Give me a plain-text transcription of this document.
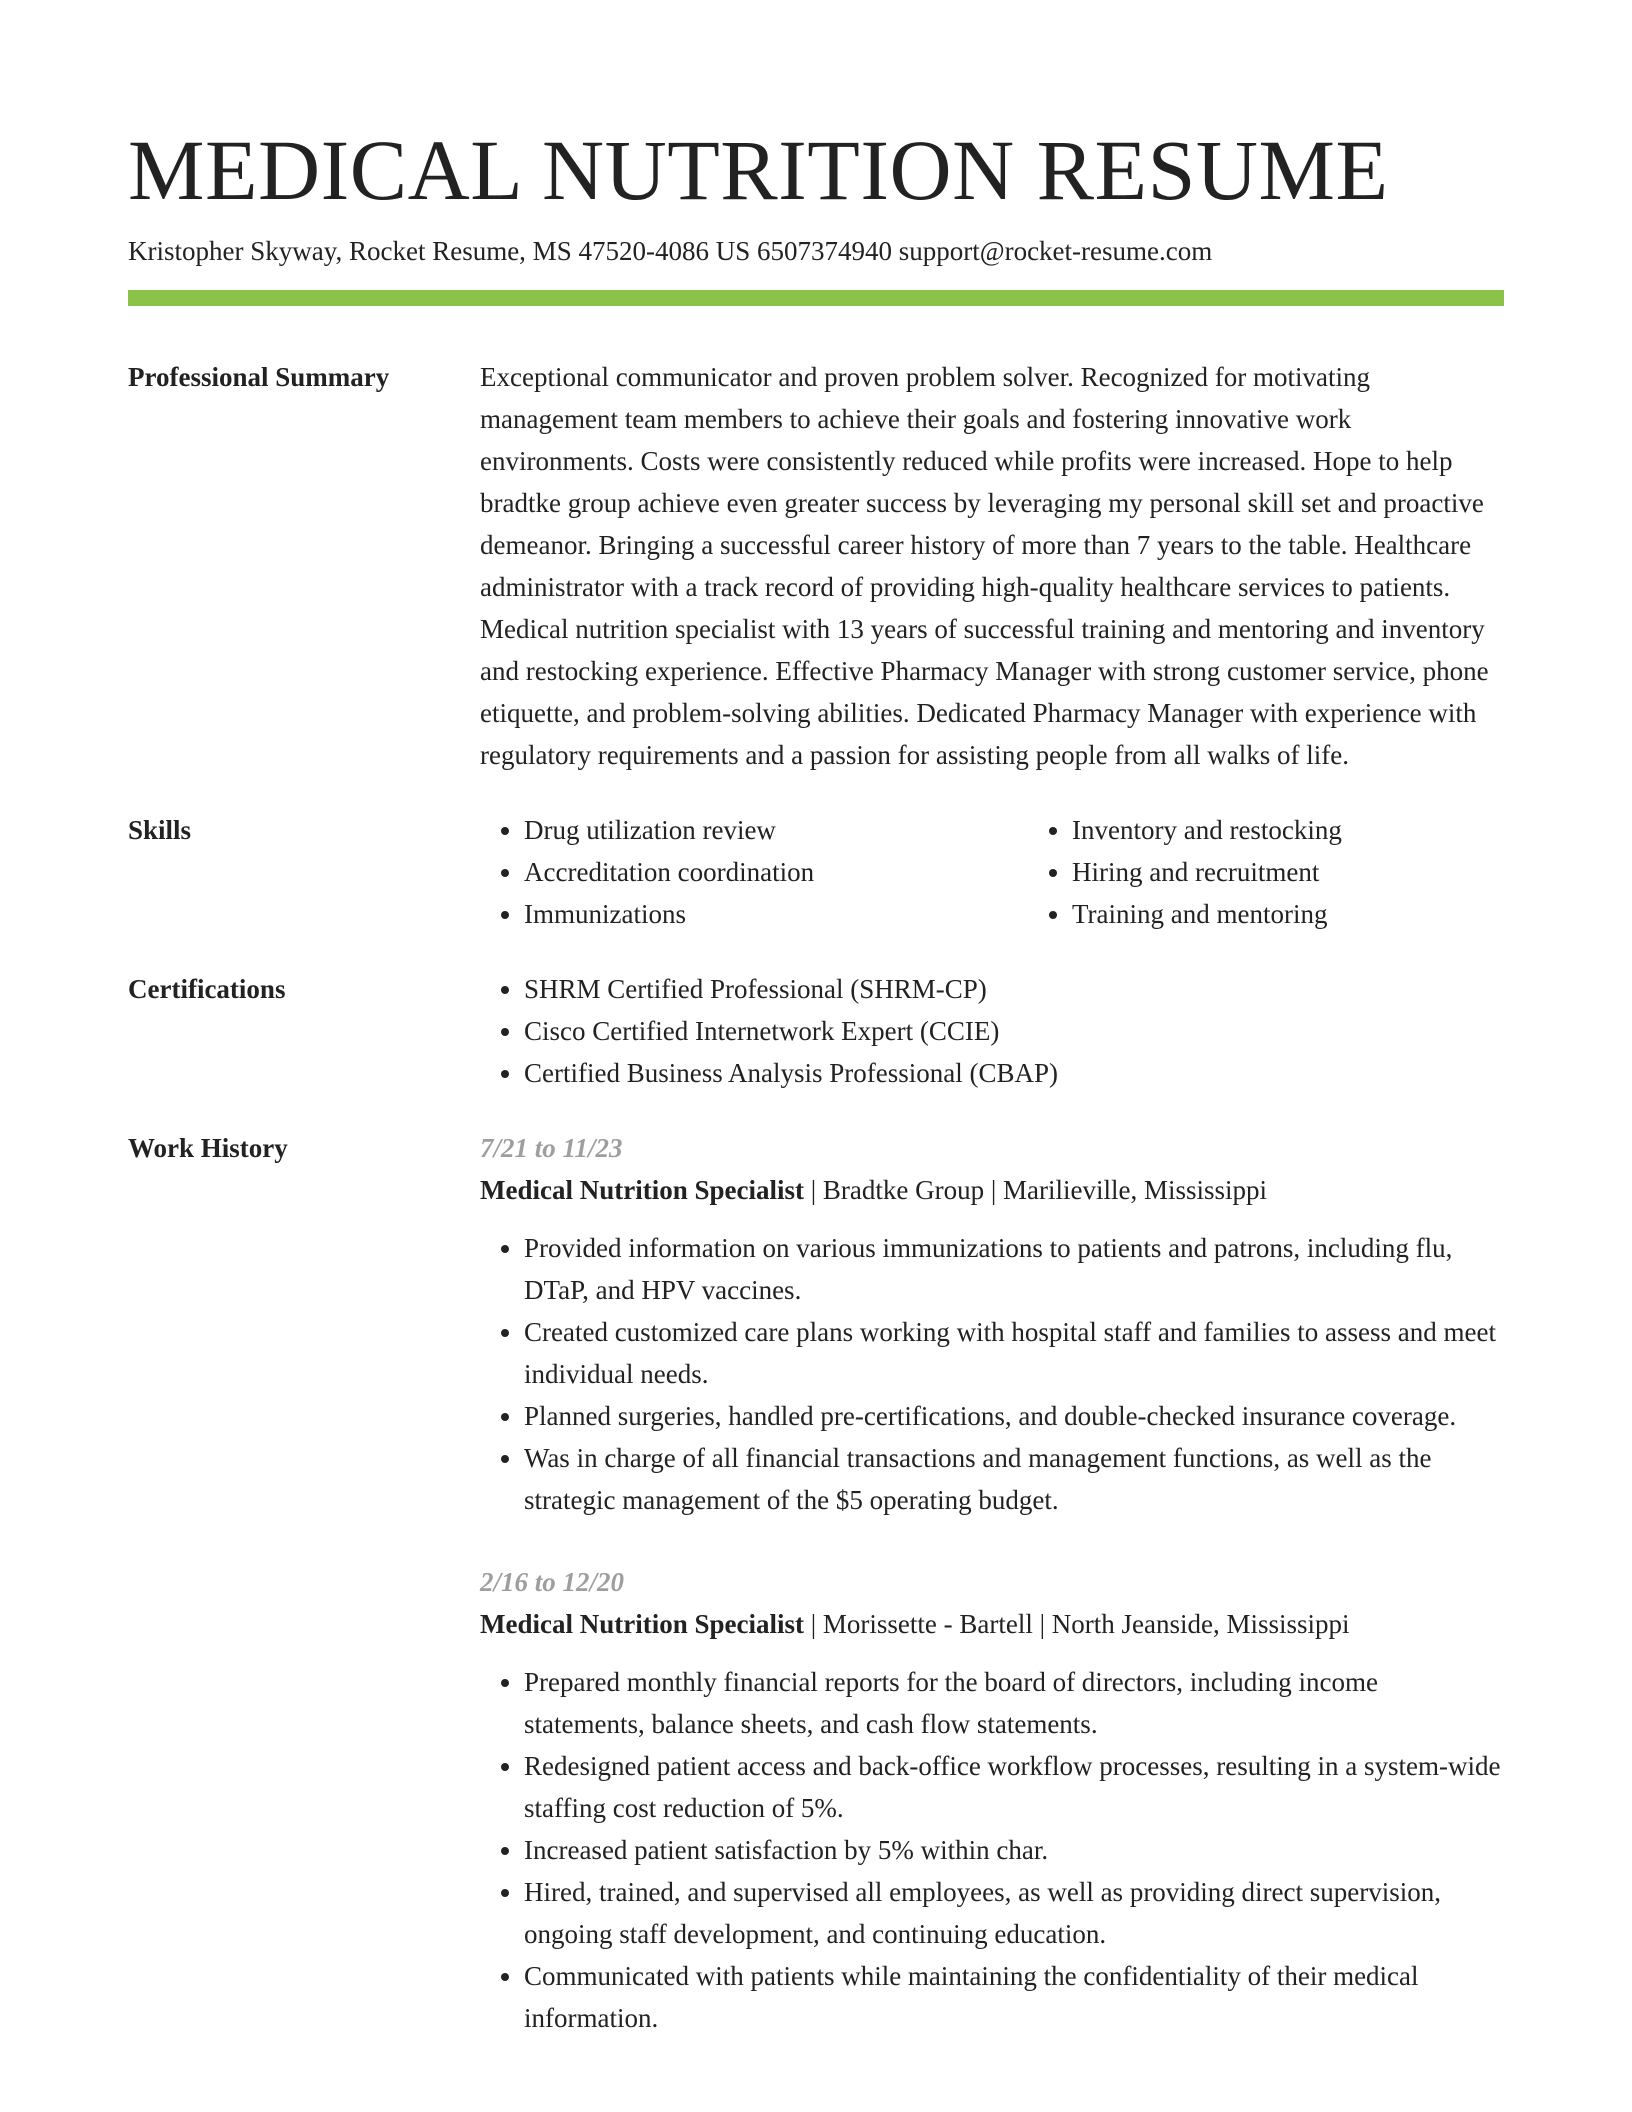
MEDICAL NUTRITION RESUME
Kristopher Skyway, Rocket Resume, MS 47520-4086 US 6507374940 support@rocket-resume.com
Professional Summary	Exceptional communicator and proven problem solver. Recognized for motivating management team members to achieve their goals and fostering innovative work environments. Costs were consistently reduced while profits were increased. Hope to help bradtke group achieve even greater success by leveraging my personal skill set and proactive demeanor. Bringing a successful career history of more than 7 years to the table. Healthcare administrator with a track record of providing high-quality healthcare services to patients. Medical nutrition specialist with 13 years of successful training and mentoring and inventory and restocking experience. Effective Pharmacy Manager with strong customer service, phone etiquette, and problem-solving abilities. Dedicated Pharmacy Manager with experience with regulatory requirements and a passion for assisting people from all walks of life.

Skills	• Drug utilization review
• Accreditation coordination
• Immunizations
• Inventory and restocking
• Hiring and recruitment
• Training and mentoring
Certifications	• SHRM Certified Professional (SHRM-CP)
• Cisco Certified Internetwork Expert (CCIE)
• Certified Business Analysis Professional (CBAP)
Work History	7/21 to 11/23
Medical Nutrition Specialist | Bradtke Group | Marilieville, Mississippi
• Provided information on various immunizations to patients and patrons, including flu, DTaP, and HPV vaccines.
• Created customized care plans working with hospital staff and families to assess and meet individual needs.
• Planned surgeries, handled pre-certifications, and double-checked insurance coverage.
• Was in charge of all financial transactions and management functions, as well as the strategic management of the $5 operating budget.
2/16 to 12/20
Medical Nutrition Specialist | Morissette - Bartell | North Jeanside, Mississippi
• Prepared monthly financial reports for the board of directors, including income statements, balance sheets, and cash flow statements.
• Redesigned patient access and back-office workflow processes, resulting in a system-wide staffing cost reduction of 5%.
• Increased patient satisfaction by 5% within char.
• Hired, trained, and supervised all employees, as well as providing direct supervision, ongoing staff development, and continuing education.
• Communicated with patients while maintaining the confidentiality of their medical information.
